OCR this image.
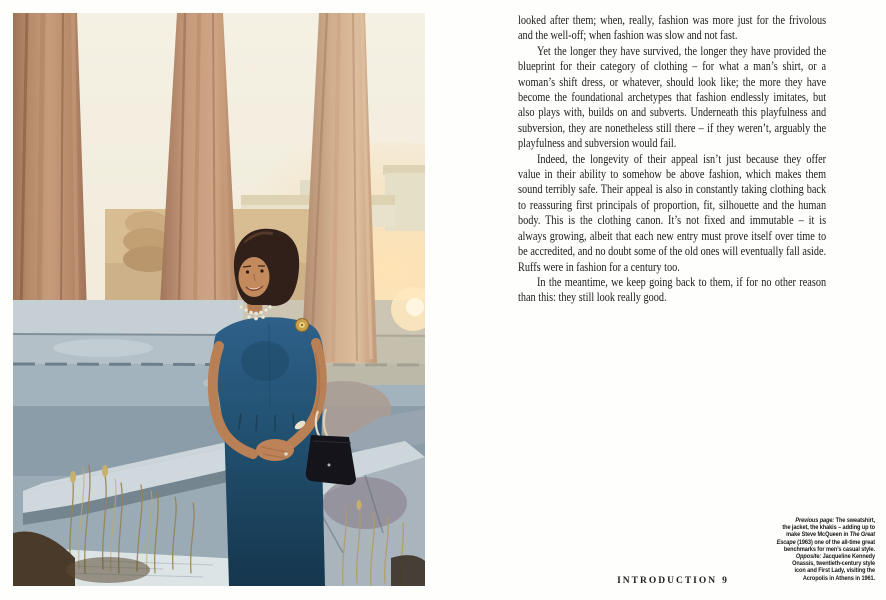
looked after them; when, really, fashion was more just for the frivolous and the well-off; when fashion was slow and not fast.

Yet the longer they have survived, the longer they have provided the blueprint for their category of clothing – for what a man’s shirt, or a woman’s shift dress, or whatever, should look like; the more they have become the foundational archetypes that fashion endlessly imitates, but also plays with, builds on and subverts. Underneath this playfulness and subversion, they are nonetheless still there – if they weren’t, arguably the playfulness and subversion would fail.

Indeed, the longevity of their appeal isn’t just because they offer value in their ability to somehow be above fashion, which makes them sound terribly safe. Their appeal is also in constantly taking clothing back to reassuring first principals of proportion, fit, silhouette and the human body. This is the clothing canon. It’s not fixed and immutable – it is always growing, albeit that each new entry must prove itself over time to be accredited, and no doubt some of the old ones will eventually fall aside. Ruffs were in fashion for a century too.

In the meantime, we keep going back to them, if for no other reason than this: they still look really good.

Previous page: The sweatshirt,
the jacket, the khakis – adding up to
make Steve McQueen in The Great
Escape (1963) one of the all-time great
benchmarks for men’s casual style.
Opposite: Jacqueline Kennedy
Onassis, twentieth-century style
icon and First Lady, visiting the
Acropolis in Athens in 1961.
INTRODUCTION 9
